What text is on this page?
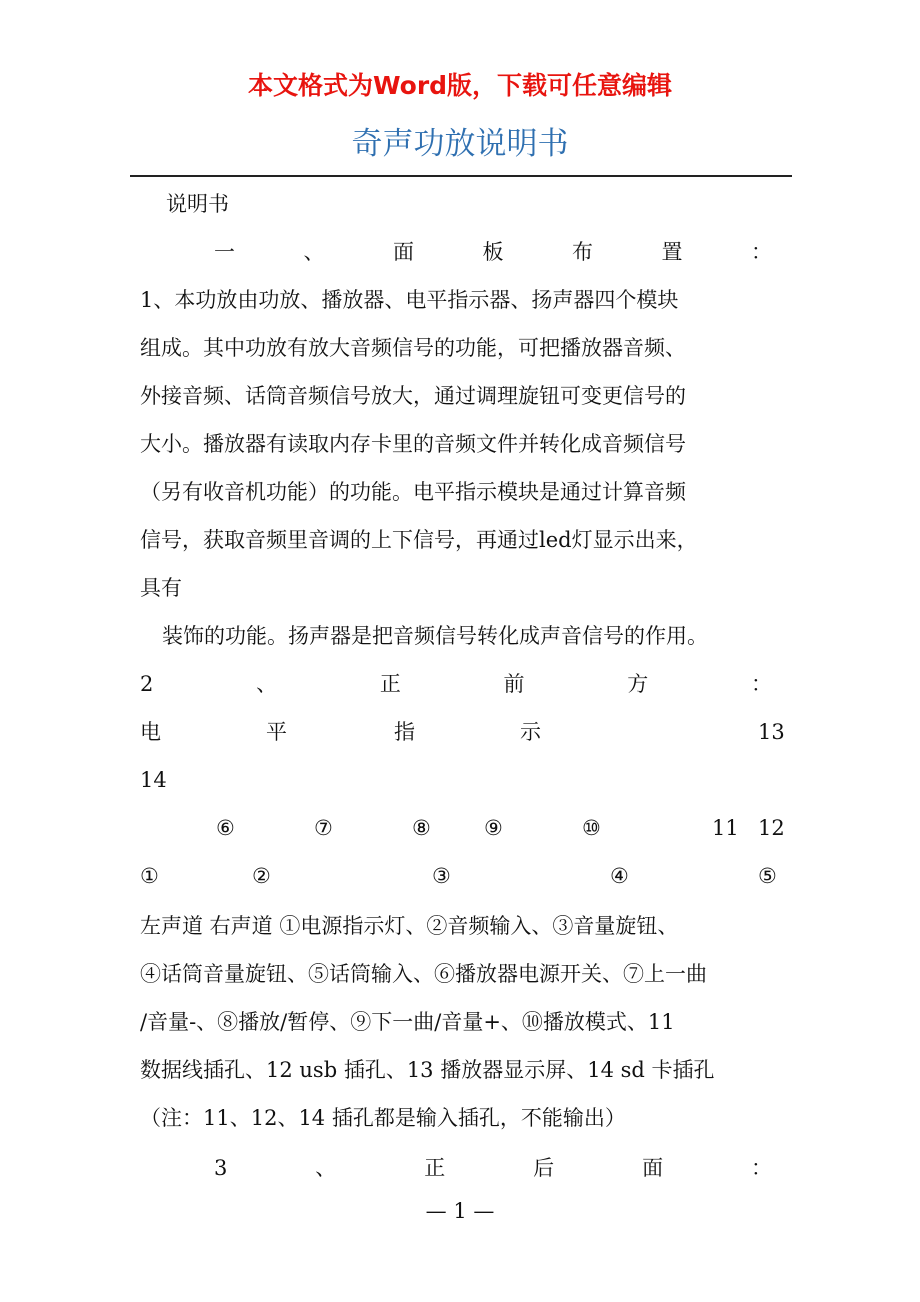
本文格式为Word版，下载可任意编辑
奇声功放说明书
说明书
一	、	面	板	布	置	：
1、本功放由功放、播放器、电平指示器、扬声器四个模块
组成。其中功放有放大音频信号的功能，可把播放器音频、
外接音频、话筒音频信号放大，通过调理旋钮可变更信号的
大小。播放器有读取内存卡里的音频文件并转化成音频信号
（另有收音机功能）的功能。电平指示模块是通过计算音频
信号，获取音频里音调的上下信号，再通过led灯显示出来，
具有
装饰的功能。扬声器是把音频信号转化成声音信号的作用。
2	、	正	前	方	：
电	平	指	示	13
14
⑥	⑦	⑧	⑨	⑩	11 12
①	②	③	④	⑤
左声道 右声道 ①电源指示灯、②音频输入、③音量旋钮、
④话筒音量旋钮、⑤话筒输入、⑥播放器电源开关、⑦上一曲
/音量-、⑧播放/暂停、⑨下一曲/音量+、⑩播放模式、11
数据线插孔、12 usb 插孔、13 播放器显示屏、14 sd 卡插孔
（注：11、12、14 插孔都是输入插孔，不能输出）
3	、	正	后	面	：
— 1 —
